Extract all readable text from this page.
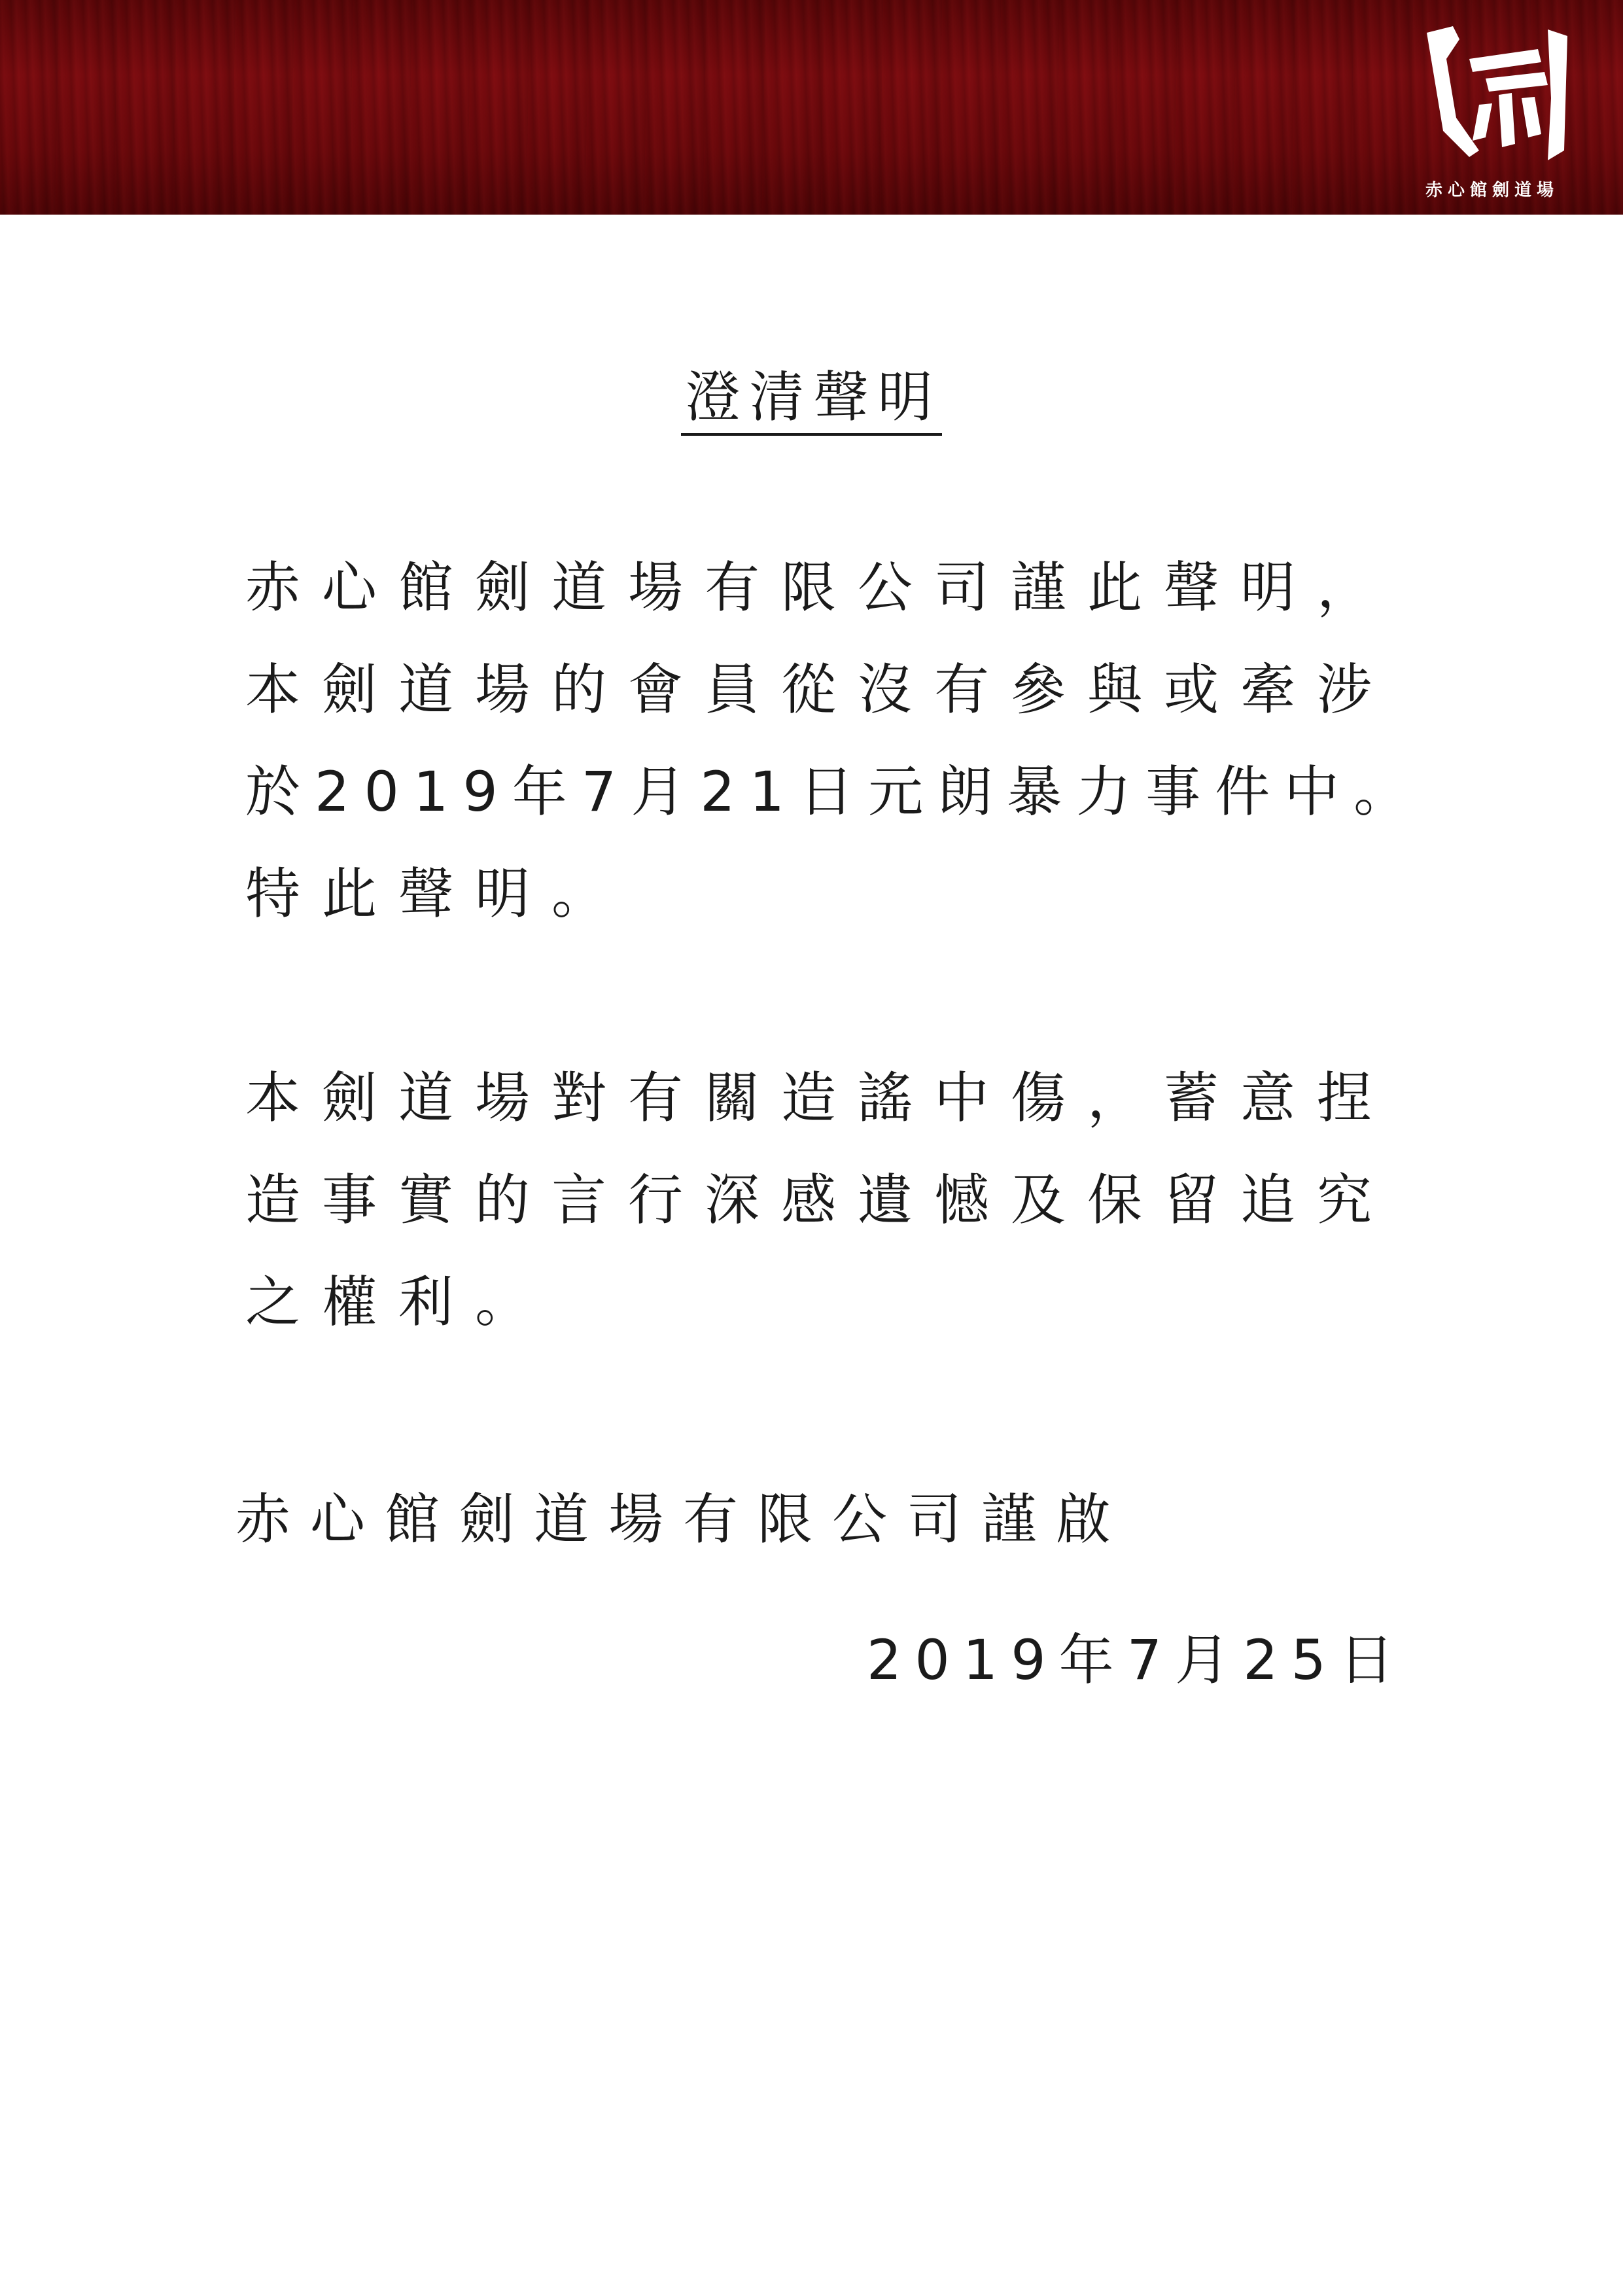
赤心館劍道場
澄清聲明
赤心館劍道場有限公司謹此聲明，
本劍道場的會員從沒有參與或牽涉
於2019年7月21日元朗暴力事件中。
特此聲明。
本劍道場對有關造謠中傷，蓄意捏
造事實的言行深感遺憾及保留追究
之權利。
赤心館劍道場有限公司謹啟
2019年7月25日
